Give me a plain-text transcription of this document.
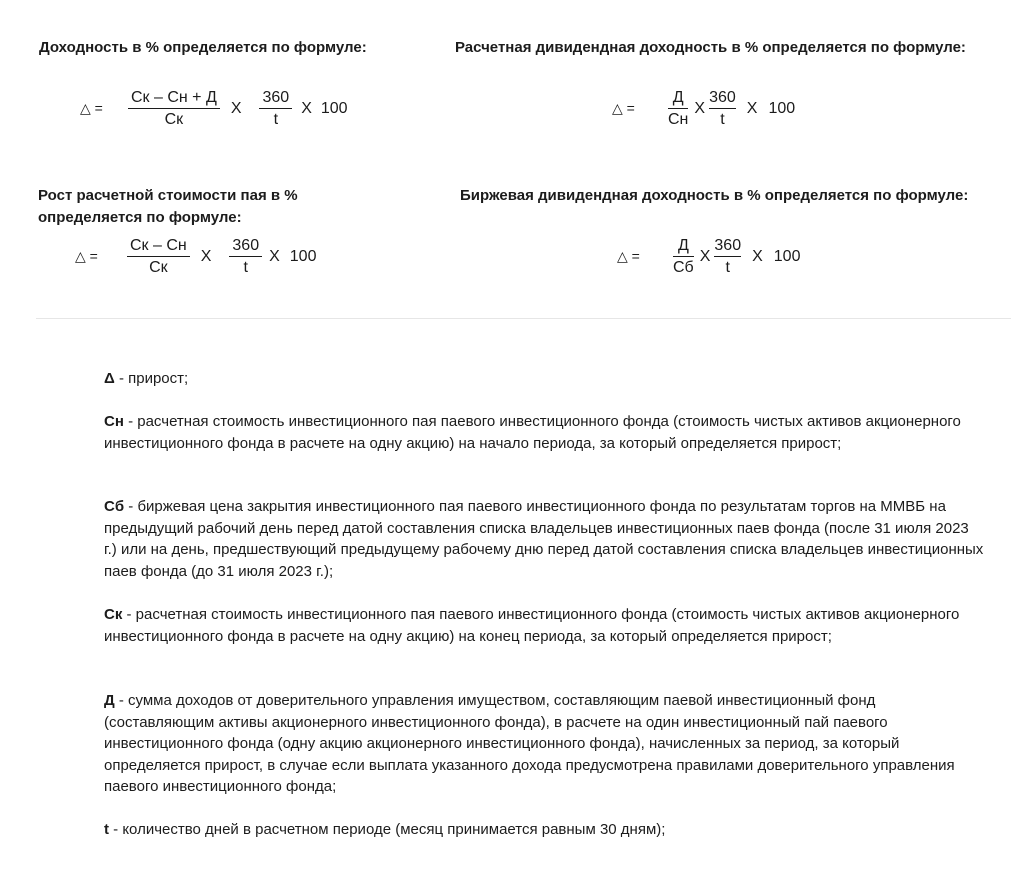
Доходность в % определяется по формуле:
△ =	$\frac{Cк - Cн + Д}{Cк}$ X $\frac{360}{t}$ X 100
Расчетная дивидендная доходность в % определяется по формуле:
△ =	$\frac{Д}{Cн}$ X $\frac{360}{t}$ X 100
Рост расчетной стоимости пая в %
определяется по формуле:
△ =	$\frac{Cк - Cн}{Cк}$ X $\frac{360}{t}$ X 100
Биржевая дивидендная доходность в % определяется по формуле:
△ =	$\frac{Д}{Cб}$ X $\frac{360}{t}$ X 100

Δ - прирост;

Cн - расчетная стоимость инвестиционного пая паевого инвестиционного фонда (стоимость чистых активов акционерного инвестиционного фонда в расчете на одну акцию) на начало периода, за который определяется прирост;

Cб - биржевая цена закрытия инвестиционного пая паевого инвестиционного фонда по результатам торгов на ММВБ на предыдущий рабочий день перед датой составления списка владельцев инвестиционных паев фонда (после 31 июля 2023 г.) или на день, предшествующий предыдущему рабочему дню перед датой составления списка владельцев инвестиционных паев фонда (до 31 июля 2023 г.);

Cк - расчетная стоимость инвестиционного пая паевого инвестиционного фонда (стоимость чистых активов акционерного инвестиционного фонда в расчете на одну акцию) на конец периода, за который определяется прирост;

Д - сумма доходов от доверительного управления имуществом, составляющим паевой инвестиционный фонд (составляющим активы акционерного инвестиционного фонда), в расчете на один инвестиционный пай паевого инвестиционного фонда (одну акцию акционерного инвестиционного фонда), начисленных за период, за который определяется прирост, в случае если выплата указанного дохода предусмотрена правилами доверительного управления паевого инвестиционного фонда;

t - количество дней в расчетном периоде (месяц принимается равным 30 дням);
